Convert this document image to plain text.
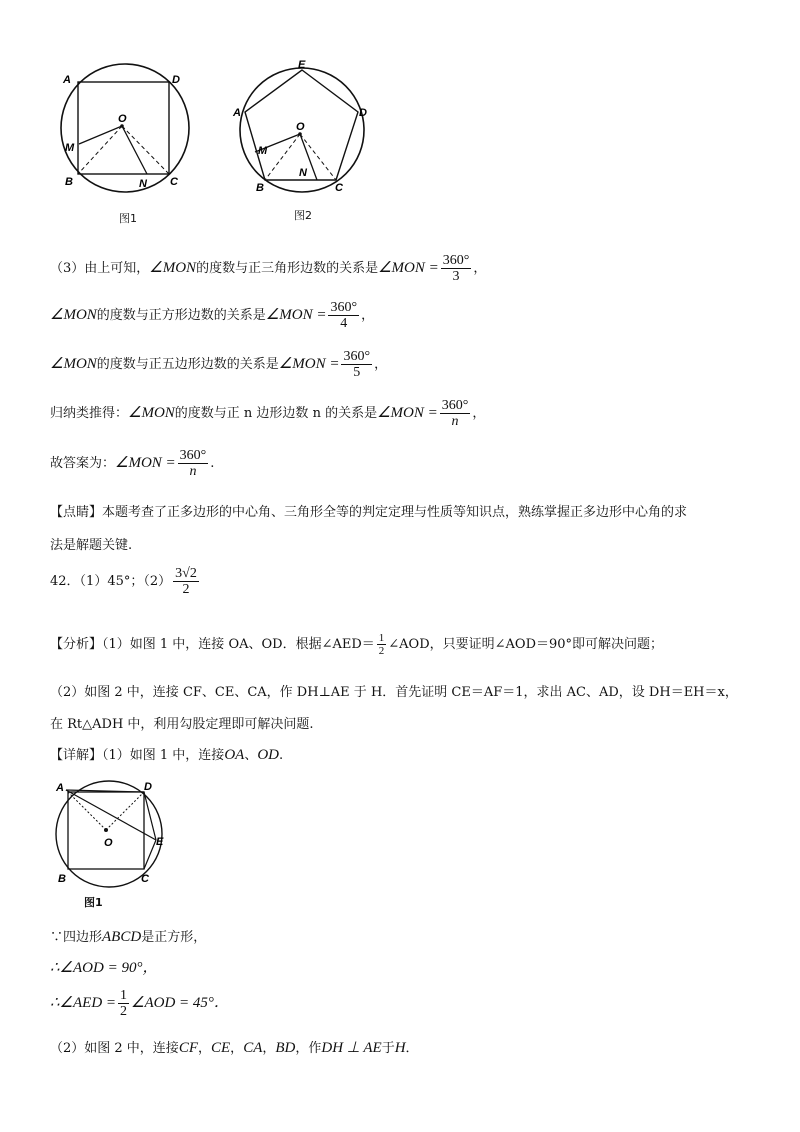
A	D
O
M
B	N C
图1
E
A	D
O
M
N
B	C
图2
（3）由上可知，∠MON的度数与正三角形边数的关系是∠MON = $\frac{360^\circ}{3}$ ，
∠MON的度数与正方形边数的关系是∠MON = $\frac{360^\circ}{4}$ ，
∠MON的度数与正五边形边数的关系是∠MON = $\frac{360^\circ}{5}$ ，
归纳类推得：∠MON的度数与正 n 边形边数 n 的关系是∠MON = $\frac{360^\circ}{n}$ ，
故答案为：∠MON = $\frac{360^\circ}{n}$ .
【点睛】本题考查了正多边形的中心角、三角形全等的判定定理与性质等知识点，熟练掌握正多边形中心角的求
法是解题关键.
42．（1）45°；$(2) \frac{3√2}{2}$
【分析】（1）如图 1 中，连接 OA、OD．根据∠AED＝ $\frac{1}{2}$ ∠AOD，只要证明∠AOD＝90°即可解决问题；
（2）如图 2 中，连接 CF、CE、CA，作 DH⊥AE 于 H．首先证明 CE＝AF＝1，求出 AC、AD，设 DH＝EH＝x，
在 Rt△ADH 中，利用勾股定理即可解决问题.
【详解】（1）如图 1 中，连接OA、OD.
A	D
O	E
B	C
图1
∵四边形ABCD是正方形，
∴∠AOD = 90°，
∴∠AED = $\frac{1}{2}$ ∠AOD = 45°．
（2）如图 2 中，连接CF，CE，CA，BD，作DH ⊥ AE于H．
